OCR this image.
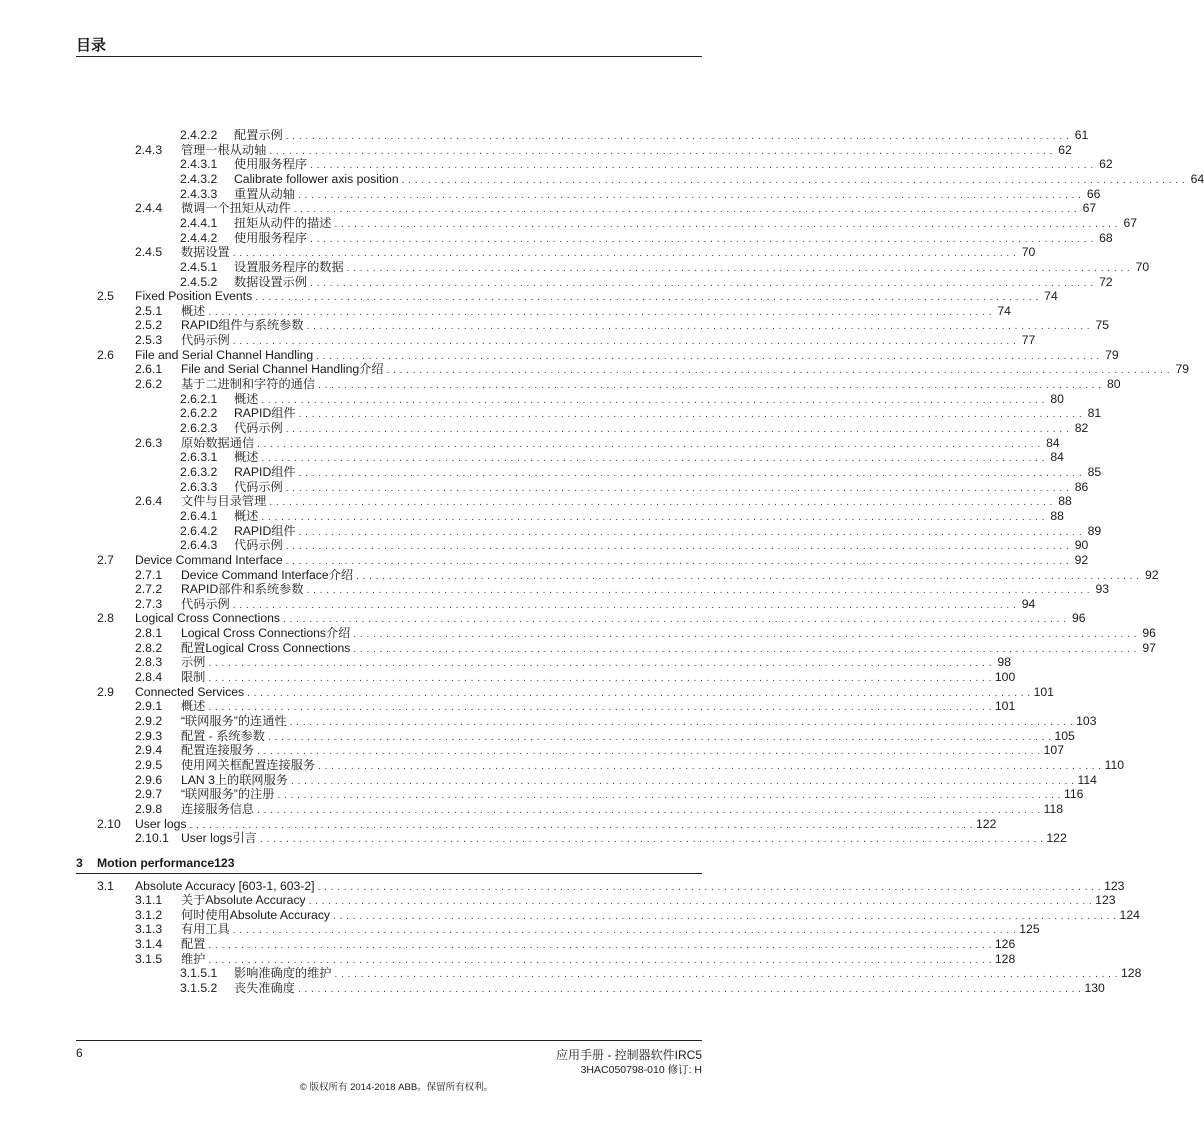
目录
2.4.2.2 配置示例 . . . . . . . . . . . . . . . . . . . . . . . . . . . . . . . . . . . . . . . . . . . . . . . . . . . . . . . . . . . . . . . . . . . . . . . . . . . . . . . . . . . . . . . . . . . . . . . . . . . . . . . . . . . . . . . . . . . . . . . . 61
2.4.3 管理一根从动轴 . . . . . . . . . . . . . . . . . . . . . . . . . . . . . . . . . . . . . . . . . . . . . . . . . . . . . . . . . . . . . . . . . . . . . . . . . . . . . . . . . . . . . . . . . . . . . . . . . . . . . . . . . . . . . . . . . . . . . . . . 62
2.4.3.1 使用服务程序 . . . . . . . . . . . . . . . . . . . . . . . . . . . . . . . . . . . . . . . . . . . . . . . . . . . . . . . . . . . . . . . . . . . . . . . . . . . . . . . . . . . . . . . . . . . . . . . . . . . . . . . . . . . . . . . . . . . . . . . . 62
2.4.3.2 Calibrate follower axis position . . . . . . . . . . . . . . . . . . . . . . . . . . . . . . . . . . . . . . . . . . . . . . . . . . . . . . . . . . . . . . . . . . . . . . . . . . . . . . . . . . . . . . . . . . . . . . . . . . . . . . . . . . . . . . . . . . . . . . . . 64
2.4.3.3 重置从动轴 . . . . . . . . . . . . . . . . . . . . . . . . . . . . . . . . . . . . . . . . . . . . . . . . . . . . . . . . . . . . . . . . . . . . . . . . . . . . . . . . . . . . . . . . . . . . . . . . . . . . . . . . . . . . . . . . . . . . . . . . 66
2.4.4 微调一个扭矩从动件 . . . . . . . . . . . . . . . . . . . . . . . . . . . . . . . . . . . . . . . . . . . . . . . . . . . . . . . . . . . . . . . . . . . . . . . . . . . . . . . . . . . . . . . . . . . . . . . . . . . . . . . . . . . . . . . . . . . . . . . . 67
2.4.4.1 扭矩从动件的描述 . . . . . . . . . . . . . . . . . . . . . . . . . . . . . . . . . . . . . . . . . . . . . . . . . . . . . . . . . . . . . . . . . . . . . . . . . . . . . . . . . . . . . . . . . . . . . . . . . . . . . . . . . . . . . . . . . . . . . . . . 67
2.4.4.2 使用服务程序 . . . . . . . . . . . . . . . . . . . . . . . . . . . . . . . . . . . . . . . . . . . . . . . . . . . . . . . . . . . . . . . . . . . . . . . . . . . . . . . . . . . . . . . . . . . . . . . . . . . . . . . . . . . . . . . . . . . . . . . . 68
2.4.5 数据设置 . . . . . . . . . . . . . . . . . . . . . . . . . . . . . . . . . . . . . . . . . . . . . . . . . . . . . . . . . . . . . . . . . . . . . . . . . . . . . . . . . . . . . . . . . . . . . . . . . . . . . . . . . . . . . . . . . . . . . . . . 70
2.4.5.1 设置服务程序的数据 . . . . . . . . . . . . . . . . . . . . . . . . . . . . . . . . . . . . . . . . . . . . . . . . . . . . . . . . . . . . . . . . . . . . . . . . . . . . . . . . . . . . . . . . . . . . . . . . . . . . . . . . . . . . . . . . . . . . . . . . 70
2.4.5.2 数据设置示例 . . . . . . . . . . . . . . . . . . . . . . . . . . . . . . . . . . . . . . . . . . . . . . . . . . . . . . . . . . . . . . . . . . . . . . . . . . . . . . . . . . . . . . . . . . . . . . . . . . . . . . . . . . . . . . . . . . . . . . . . 72
2.5 Fixed Position Events . . . . . . . . . . . . . . . . . . . . . . . . . . . . . . . . . . . . . . . . . . . . . . . . . . . . . . . . . . . . . . . . . . . . . . . . . . . . . . . . . . . . . . . . . . . . . . . . . . . . . . . . . . . . . . . . . . . . . . . . 74
2.5.1 概述 . . . . . . . . . . . . . . . . . . . . . . . . . . . . . . . . . . . . . . . . . . . . . . . . . . . . . . . . . . . . . . . . . . . . . . . . . . . . . . . . . . . . . . . . . . . . . . . . . . . . . . . . . . . . . . . . . . . . . . . . 74
2.5.2 RAPID组件与系统参数 . . . . . . . . . . . . . . . . . . . . . . . . . . . . . . . . . . . . . . . . . . . . . . . . . . . . . . . . . . . . . . . . . . . . . . . . . . . . . . . . . . . . . . . . . . . . . . . . . . . . . . . . . . . . . . . . . . . . . . . . 75
2.5.3 代码示例 . . . . . . . . . . . . . . . . . . . . . . . . . . . . . . . . . . . . . . . . . . . . . . . . . . . . . . . . . . . . . . . . . . . . . . . . . . . . . . . . . . . . . . . . . . . . . . . . . . . . . . . . . . . . . . . . . . . . . . . . 77
2.6 File and Serial Channel Handling . . . . . . . . . . . . . . . . . . . . . . . . . . . . . . . . . . . . . . . . . . . . . . . . . . . . . . . . . . . . . . . . . . . . . . . . . . . . . . . . . . . . . . . . . . . . . . . . . . . . . . . . . . . . . . . . . . . . . . . . 79
2.6.1 File and Serial Channel Handling介绍 . . . . . . . . . . . . . . . . . . . . . . . . . . . . . . . . . . . . . . . . . . . . . . . . . . . . . . . . . . . . . . . . . . . . . . . . . . . . . . . . . . . . . . . . . . . . . . . . . . . . . . . . . . . . . . . . . . . . . . . . 79
2.6.2 基于二进制和字符的通信 . . . . . . . . . . . . . . . . . . . . . . . . . . . . . . . . . . . . . . . . . . . . . . . . . . . . . . . . . . . . . . . . . . . . . . . . . . . . . . . . . . . . . . . . . . . . . . . . . . . . . . . . . . . . . . . . . . . . . . . . 80
2.6.2.1 概述 . . . . . . . . . . . . . . . . . . . . . . . . . . . . . . . . . . . . . . . . . . . . . . . . . . . . . . . . . . . . . . . . . . . . . . . . . . . . . . . . . . . . . . . . . . . . . . . . . . . . . . . . . . . . . . . . . . . . . . . . 80
2.6.2.2 RAPID组件 . . . . . . . . . . . . . . . . . . . . . . . . . . . . . . . . . . . . . . . . . . . . . . . . . . . . . . . . . . . . . . . . . . . . . . . . . . . . . . . . . . . . . . . . . . . . . . . . . . . . . . . . . . . . . . . . . . . . . . . . 81
2.6.2.3 代码示例 . . . . . . . . . . . . . . . . . . . . . . . . . . . . . . . . . . . . . . . . . . . . . . . . . . . . . . . . . . . . . . . . . . . . . . . . . . . . . . . . . . . . . . . . . . . . . . . . . . . . . . . . . . . . . . . . . . . . . . . . 82
2.6.3 原始数据通信 . . . . . . . . . . . . . . . . . . . . . . . . . . . . . . . . . . . . . . . . . . . . . . . . . . . . . . . . . . . . . . . . . . . . . . . . . . . . . . . . . . . . . . . . . . . . . . . . . . . . . . . . . . . . . . . . . . . . . . . . 84
2.6.3.1 概述 . . . . . . . . . . . . . . . . . . . . . . . . . . . . . . . . . . . . . . . . . . . . . . . . . . . . . . . . . . . . . . . . . . . . . . . . . . . . . . . . . . . . . . . . . . . . . . . . . . . . . . . . . . . . . . . . . . . . . . . . 84
2.6.3.2 RAPID组件 . . . . . . . . . . . . . . . . . . . . . . . . . . . . . . . . . . . . . . . . . . . . . . . . . . . . . . . . . . . . . . . . . . . . . . . . . . . . . . . . . . . . . . . . . . . . . . . . . . . . . . . . . . . . . . . . . . . . . . . . 85
2.6.3.3 代码示例 . . . . . . . . . . . . . . . . . . . . . . . . . . . . . . . . . . . . . . . . . . . . . . . . . . . . . . . . . . . . . . . . . . . . . . . . . . . . . . . . . . . . . . . . . . . . . . . . . . . . . . . . . . . . . . . . . . . . . . . . 86
2.6.4 文件与目录管理 . . . . . . . . . . . . . . . . . . . . . . . . . . . . . . . . . . . . . . . . . . . . . . . . . . . . . . . . . . . . . . . . . . . . . . . . . . . . . . . . . . . . . . . . . . . . . . . . . . . . . . . . . . . . . . . . . . . . . . . . 88
2.6.4.1 概述 . . . . . . . . . . . . . . . . . . . . . . . . . . . . . . . . . . . . . . . . . . . . . . . . . . . . . . . . . . . . . . . . . . . . . . . . . . . . . . . . . . . . . . . . . . . . . . . . . . . . . . . . . . . . . . . . . . . . . . . . 88
2.6.4.2 RAPID组件 . . . . . . . . . . . . . . . . . . . . . . . . . . . . . . . . . . . . . . . . . . . . . . . . . . . . . . . . . . . . . . . . . . . . . . . . . . . . . . . . . . . . . . . . . . . . . . . . . . . . . . . . . . . . . . . . . . . . . . . . 89
2.6.4.3 代码示例 . . . . . . . . . . . . . . . . . . . . . . . . . . . . . . . . . . . . . . . . . . . . . . . . . . . . . . . . . . . . . . . . . . . . . . . . . . . . . . . . . . . . . . . . . . . . . . . . . . . . . . . . . . . . . . . . . . . . . . . . 90
2.7 Device Command Interface . . . . . . . . . . . . . . . . . . . . . . . . . . . . . . . . . . . . . . . . . . . . . . . . . . . . . . . . . . . . . . . . . . . . . . . . . . . . . . . . . . . . . . . . . . . . . . . . . . . . . . . . . . . . . . . . . . . . . . . . 92
2.7.1 Device Command Interface介绍 . . . . . . . . . . . . . . . . . . . . . . . . . . . . . . . . . . . . . . . . . . . . . . . . . . . . . . . . . . . . . . . . . . . . . . . . . . . . . . . . . . . . . . . . . . . . . . . . . . . . . . . . . . . . . . . . . . . . . . . . 92
2.7.2 RAPID部件和系统参数 . . . . . . . . . . . . . . . . . . . . . . . . . . . . . . . . . . . . . . . . . . . . . . . . . . . . . . . . . . . . . . . . . . . . . . . . . . . . . . . . . . . . . . . . . . . . . . . . . . . . . . . . . . . . . . . . . . . . . . . . 93
2.7.3 代码示例 . . . . . . . . . . . . . . . . . . . . . . . . . . . . . . . . . . . . . . . . . . . . . . . . . . . . . . . . . . . . . . . . . . . . . . . . . . . . . . . . . . . . . . . . . . . . . . . . . . . . . . . . . . . . . . . . . . . . . . . . 94
2.8 Logical Cross Connections . . . . . . . . . . . . . . . . . . . . . . . . . . . . . . . . . . . . . . . . . . . . . . . . . . . . . . . . . . . . . . . . . . . . . . . . . . . . . . . . . . . . . . . . . . . . . . . . . . . . . . . . . . . . . . . . . . . . . . . . 96
2.8.1 Logical Cross Connections介绍 . . . . . . . . . . . . . . . . . . . . . . . . . . . . . . . . . . . . . . . . . . . . . . . . . . . . . . . . . . . . . . . . . . . . . . . . . . . . . . . . . . . . . . . . . . . . . . . . . . . . . . . . . . . . . . . . . . . . . . . . 96
2.8.2 配置Logical Cross Connections . . . . . . . . . . . . . . . . . . . . . . . . . . . . . . . . . . . . . . . . . . . . . . . . . . . . . . . . . . . . . . . . . . . . . . . . . . . . . . . . . . . . . . . . . . . . . . . . . . . . . . . . . . . . . . . . . . . . . . . . 97
2.8.3 示例 . . . . . . . . . . . . . . . . . . . . . . . . . . . . . . . . . . . . . . . . . . . . . . . . . . . . . . . . . . . . . . . . . . . . . . . . . . . . . . . . . . . . . . . . . . . . . . . . . . . . . . . . . . . . . . . . . . . . . . . . 98
2.8.4 限制 . . . . . . . . . . . . . . . . . . . . . . . . . . . . . . . . . . . . . . . . . . . . . . . . . . . . . . . . . . . . . . . . . . . . . . . . . . . . . . . . . . . . . . . . . . . . . . . . . . . . . . . . . . . . . . . . . . . . . . . . 100
2.9 Connected Services . . . . . . . . . . . . . . . . . . . . . . . . . . . . . . . . . . . . . . . . . . . . . . . . . . . . . . . . . . . . . . . . . . . . . . . . . . . . . . . . . . . . . . . . . . . . . . . . . . . . . . . . . . . . . . . . . . . . . . . . 101
2.9.1 概述 . . . . . . . . . . . . . . . . . . . . . . . . . . . . . . . . . . . . . . . . . . . . . . . . . . . . . . . . . . . . . . . . . . . . . . . . . . . . . . . . . . . . . . . . . . . . . . . . . . . . . . . . . . . . . . . . . . . . . . . . 101
2.9.2 “联网服务”的连通性 . . . . . . . . . . . . . . . . . . . . . . . . . . . . . . . . . . . . . . . . . . . . . . . . . . . . . . . . . . . . . . . . . . . . . . . . . . . . . . . . . . . . . . . . . . . . . . . . . . . . . . . . . . . . . . . . . . . . . . . . 103
2.9.3 配置 - 系统参数 . . . . . . . . . . . . . . . . . . . . . . . . . . . . . . . . . . . . . . . . . . . . . . . . . . . . . . . . . . . . . . . . . . . . . . . . . . . . . . . . . . . . . . . . . . . . . . . . . . . . . . . . . . . . . . . . . . . . . . . . 105
2.9.4 配置连接服务 . . . . . . . . . . . . . . . . . . . . . . . . . . . . . . . . . . . . . . . . . . . . . . . . . . . . . . . . . . . . . . . . . . . . . . . . . . . . . . . . . . . . . . . . . . . . . . . . . . . . . . . . . . . . . . . . . . . . . . . . 107
2.9.5 使用网关框配置连接服务 . . . . . . . . . . . . . . . . . . . . . . . . . . . . . . . . . . . . . . . . . . . . . . . . . . . . . . . . . . . . . . . . . . . . . . . . . . . . . . . . . . . . . . . . . . . . . . . . . . . . . . . . . . . . . . . . . . . . . . . . 110
2.9.6 LAN 3上的联网服务 . . . . . . . . . . . . . . . . . . . . . . . . . . . . . . . . . . . . . . . . . . . . . . . . . . . . . . . . . . . . . . . . . . . . . . . . . . . . . . . . . . . . . . . . . . . . . . . . . . . . . . . . . . . . . . . . . . . . . . . . 114
2.9.7 “联网服务”的注册 . . . . . . . . . . . . . . . . . . . . . . . . . . . . . . . . . . . . . . . . . . . . . . . . . . . . . . . . . . . . . . . . . . . . . . . . . . . . . . . . . . . . . . . . . . . . . . . . . . . . . . . . . . . . . . . . . . . . . . . . 116
2.9.8 连接服务信息 . . . . . . . . . . . . . . . . . . . . . . . . . . . . . . . . . . . . . . . . . . . . . . . . . . . . . . . . . . . . . . . . . . . . . . . . . . . . . . . . . . . . . . . . . . . . . . . . . . . . . . . . . . . . . . . . . . . . . . . . 118
2.10 User logs . . . . . . . . . . . . . . . . . . . . . . . . . . . . . . . . . . . . . . . . . . . . . . . . . . . . . . . . . . . . . . . . . . . . . . . . . . . . . . . . . . . . . . . . . . . . . . . . . . . . . . . . . . . . . . . . . . . . . . . . 122
2.10.1 User logs引言 . . . . . . . . . . . . . . . . . . . . . . . . . . . . . . . . . . . . . . . . . . . . . . . . . . . . . . . . . . . . . . . . . . . . . . . . . . . . . . . . . . . . . . . . . . . . . . . . . . . . . . . . . . . . . . . . . . . . . . . . 122
3 Motion performance 123
3.1 Absolute Accuracy [603-1, 603-2] . . . . . . . . . . . . . . . . . . . . . . . . . . . . . . . . . . . . . . . . . . . . . . . . . . . . . . . . . . . . . . . . . . . . . . . . . . . . . . . . . . . . . . . . . . . . . . . . . . . . . . . . . . . . . . . . . . . . . . . . 123
3.1.1 关于Absolute Accuracy . . . . . . . . . . . . . . . . . . . . . . . . . . . . . . . . . . . . . . . . . . . . . . . . . . . . . . . . . . . . . . . . . . . . . . . . . . . . . . . . . . . . . . . . . . . . . . . . . . . . . . . . . . . . . . . . . . . . . . . . 123
3.1.2 何时使用Absolute Accuracy . . . . . . . . . . . . . . . . . . . . . . . . . . . . . . . . . . . . . . . . . . . . . . . . . . . . . . . . . . . . . . . . . . . . . . . . . . . . . . . . . . . . . . . . . . . . . . . . . . . . . . . . . . . . . . . . . . . . . . . . 124
3.1.3 有用工具 . . . . . . . . . . . . . . . . . . . . . . . . . . . . . . . . . . . . . . . . . . . . . . . . . . . . . . . . . . . . . . . . . . . . . . . . . . . . . . . . . . . . . . . . . . . . . . . . . . . . . . . . . . . . . . . . . . . . . . . . 125
3.1.4 配置 . . . . . . . . . . . . . . . . . . . . . . . . . . . . . . . . . . . . . . . . . . . . . . . . . . . . . . . . . . . . . . . . . . . . . . . . . . . . . . . . . . . . . . . . . . . . . . . . . . . . . . . . . . . . . . . . . . . . . . . . 126
3.1.5 维护 . . . . . . . . . . . . . . . . . . . . . . . . . . . . . . . . . . . . . . . . . . . . . . . . . . . . . . . . . . . . . . . . . . . . . . . . . . . . . . . . . . . . . . . . . . . . . . . . . . . . . . . . . . . . . . . . . . . . . . . . 128
3.1.5.1 影响准确度的维护 . . . . . . . . . . . . . . . . . . . . . . . . . . . . . . . . . . . . . . . . . . . . . . . . . . . . . . . . . . . . . . . . . . . . . . . . . . . . . . . . . . . . . . . . . . . . . . . . . . . . . . . . . . . . . . . . . . . . . . . . 128
3.1.5.2 丧失准确度 . . . . . . . . . . . . . . . . . . . . . . . . . . . . . . . . . . . . . . . . . . . . . . . . . . . . . . . . . . . . . . . . . . . . . . . . . . . . . . . . . . . . . . . . . . . . . . . . . . . . . . . . . . . . . . . . . . . . . . . . 130
6	应用手册 - 控制器软件IRC5
3HAC050798-010 修订: H
© 版权所有 2014-2018 ABB。保留所有权利。
